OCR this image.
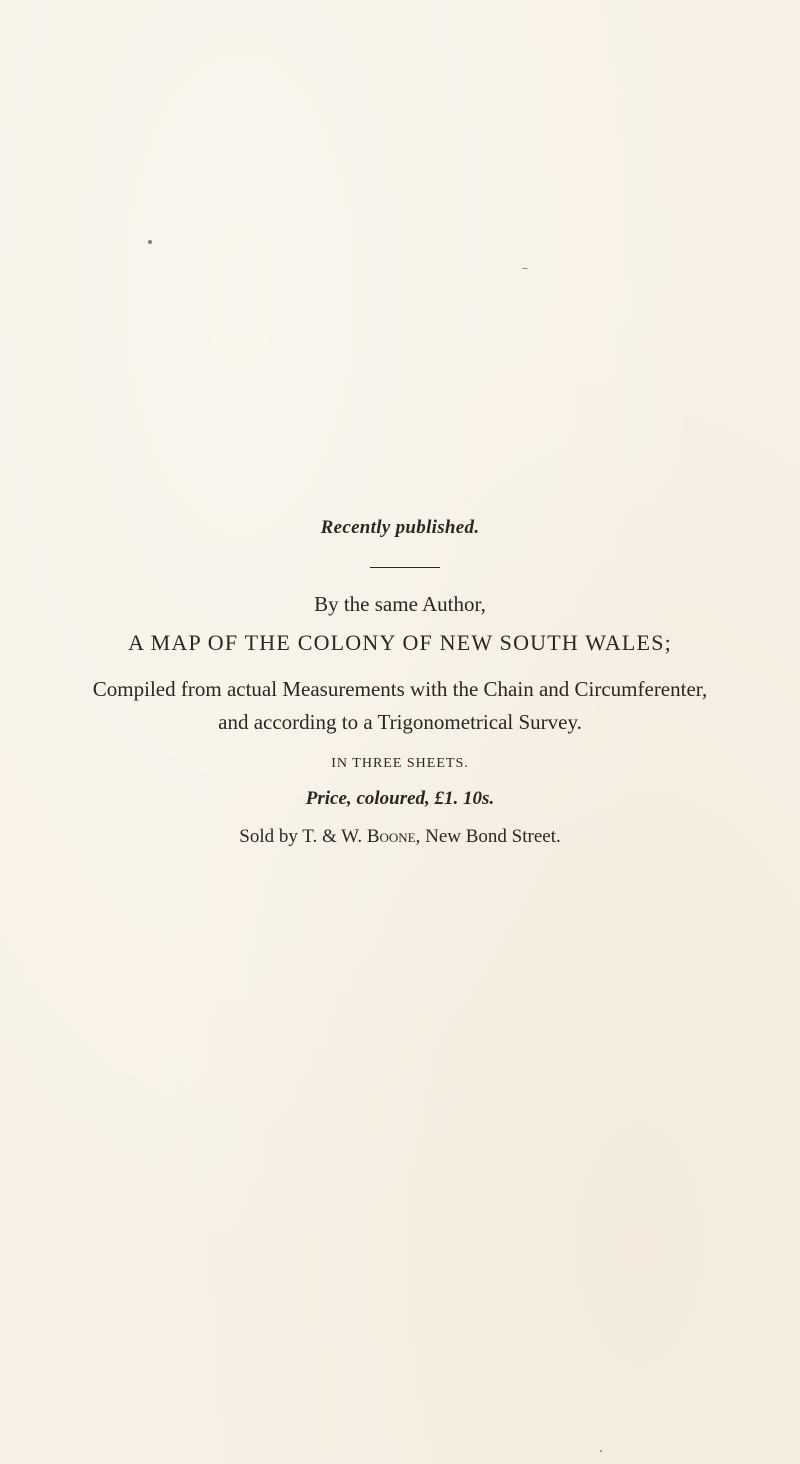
Recently published.
By the same Author,
A MAP OF THE COLONY OF NEW SOUTH WALES;
Compiled from actual Measurements with the Chain and Circumferenter,
and according to a Trigonometrical Survey.
IN THREE SHEETS.
Price, coloured, £1. 10s.
Sold by T. & W. Boone, New Bond Street.
